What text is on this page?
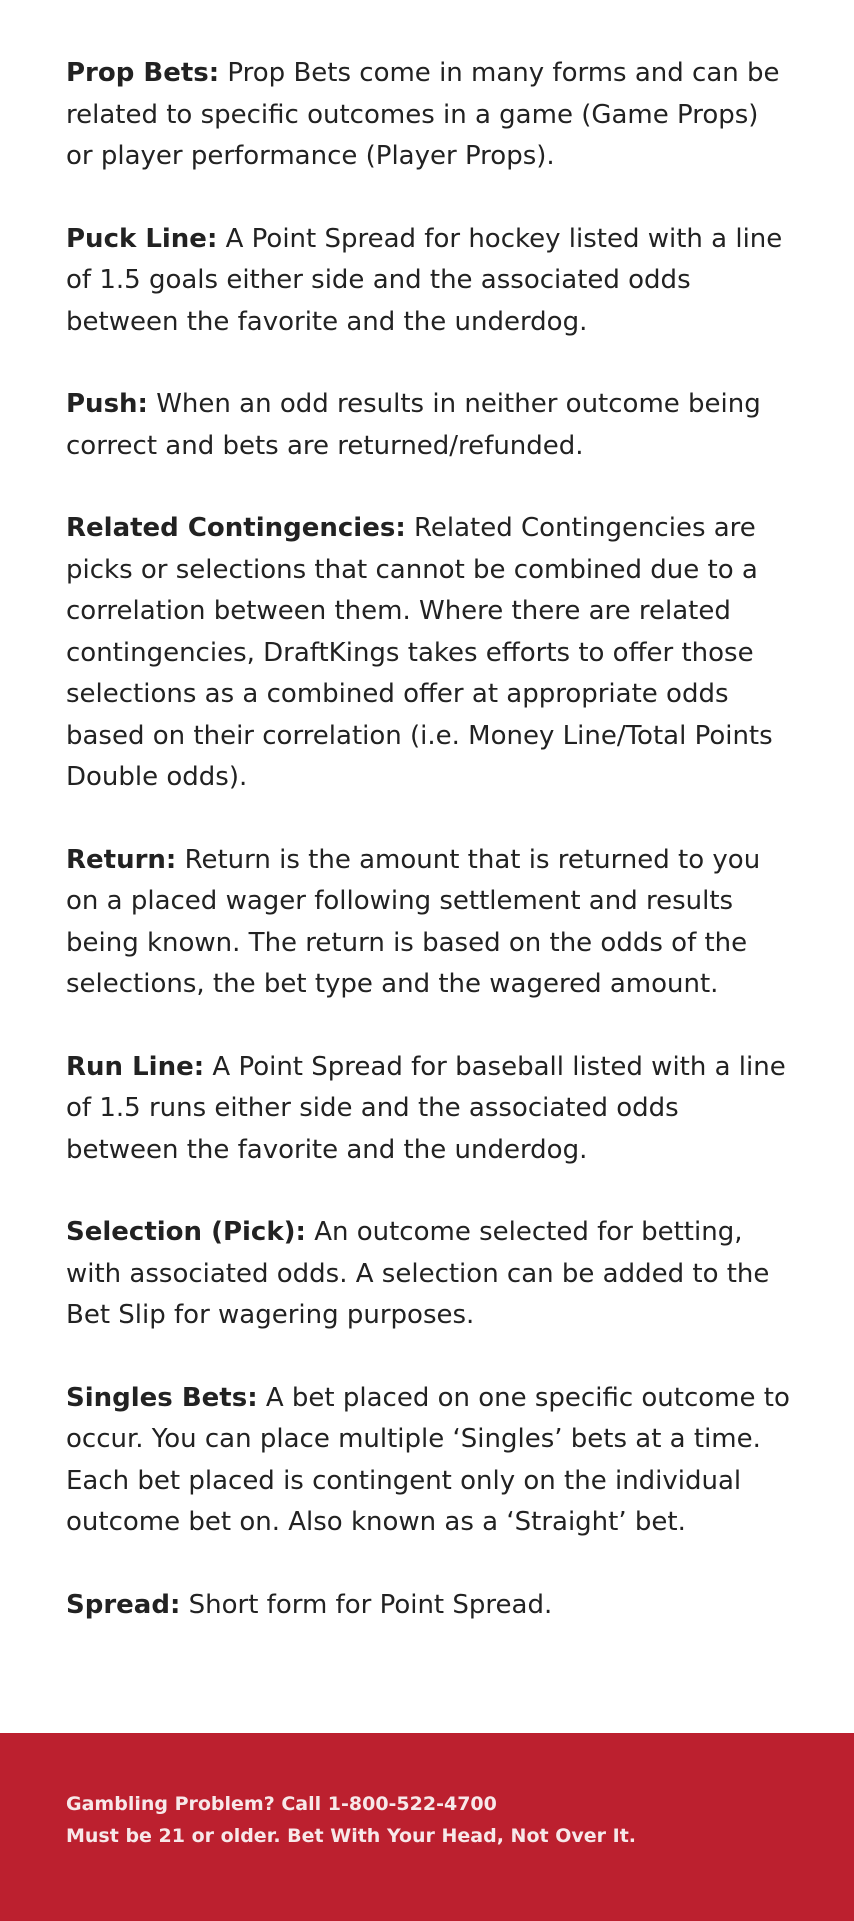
Prop Bets: Prop Bets come in many forms and can be related to specific outcomes in a game (Game Props) or player performance (Player Props).

Puck Line: A Point Spread for hockey listed with a line of 1.5 goals either side and the associated odds between the favorite and the underdog.

Push: When an odd results in neither outcome being correct and bets are returned/refunded.

Related Contingencies: Related Contingencies are picks or selections that cannot be combined due to a correlation between them. Where there are related contingencies, DraftKings takes efforts to offer those selections as a combined offer at appropriate odds based on their correlation (i.e. Money Line/Total Points Double odds).

Return: Return is the amount that is returned to you on a placed wager following settlement and results being known. The return is based on the odds of the selections, the bet type and the wagered amount.

Run Line: A Point Spread for baseball listed with a line of 1.5 runs either side and the associated odds between the favorite and the underdog.

Selection (Pick): An outcome selected for betting, with associated odds. A selection can be added to the Bet Slip for wagering purposes.

Singles Bets: A bet placed on one specific outcome to occur. You can place multiple ‘Singles’ bets at a time. Each bet placed is contingent only on the individual outcome bet on. Also known as a ‘Straight’ bet.

Spread: Short form for Point Spread.

Gambling Problem? Call 1-800-522-4700
Must be 21 or older. Bet With Your Head, Not Over It.
